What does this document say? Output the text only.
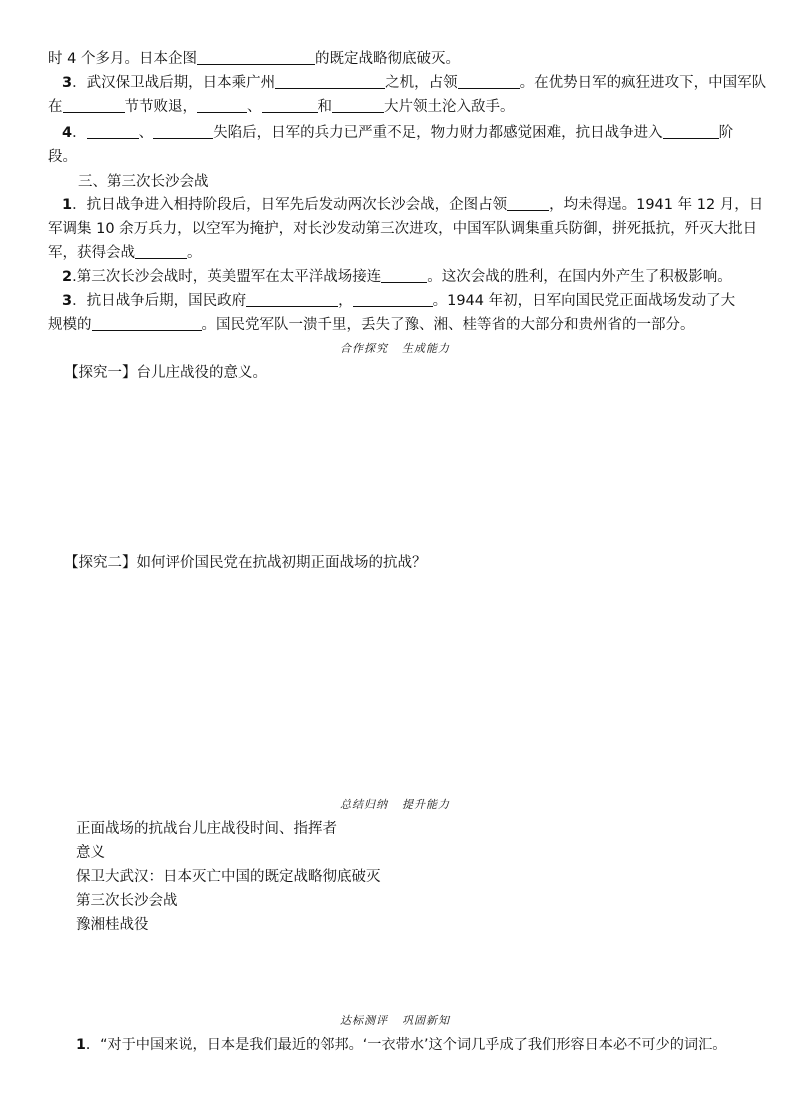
时 4 个多月。日本企图	的既定战略彻底破灭。
3．武汉保卫战后期，日本乘广州	之机，占领	。在优势日军的疯狂进攻下，中国军队
在	节节败退，	、	和	大片领土沦入敌手。
4．	、	失陷后，日军的兵力已严重不足，物力财力都感觉困难，抗日战争进入	阶
段。
三、第三次长沙会战
1．抗日战争进入相持阶段后，日军先后发动两次长沙会战，企图占领	，均未得逞。1941 年 12 月，日
军调集 10 余万兵力，以空军为掩护，对长沙发动第三次进攻，中国军队调集重兵防御，拼死抵抗，歼灭大批日
军，获得会战	。
2.第三次长沙会战时，英美盟军在太平洋战场接连	。这次会战的胜利，在国内外产生了积极影响。
3．抗日战争后期，国民政府	，	。1944 年初，日军向国民党正面战场发动了大
规模的	。国民党军队一溃千里，丢失了豫、湘、桂等省的大部分和贵州省的一部分。
合作探究 生成能力
【探究一】台儿庄战役的意义。
【探究二】如何评价国民党在抗战初期正面战场的抗战？
总结归纳 提升能力
正面战场的抗战台儿庄战役时间、指挥者
意义
保卫大武汉：日本灭亡中国的既定战略彻底破灭
第三次长沙会战
豫湘桂战役
达标测评 巩固新知
1．“对于中国来说，日本是我们最近的邻邦。‘一衣带水’这个词几乎成了我们形容日本必不可少的词汇。
